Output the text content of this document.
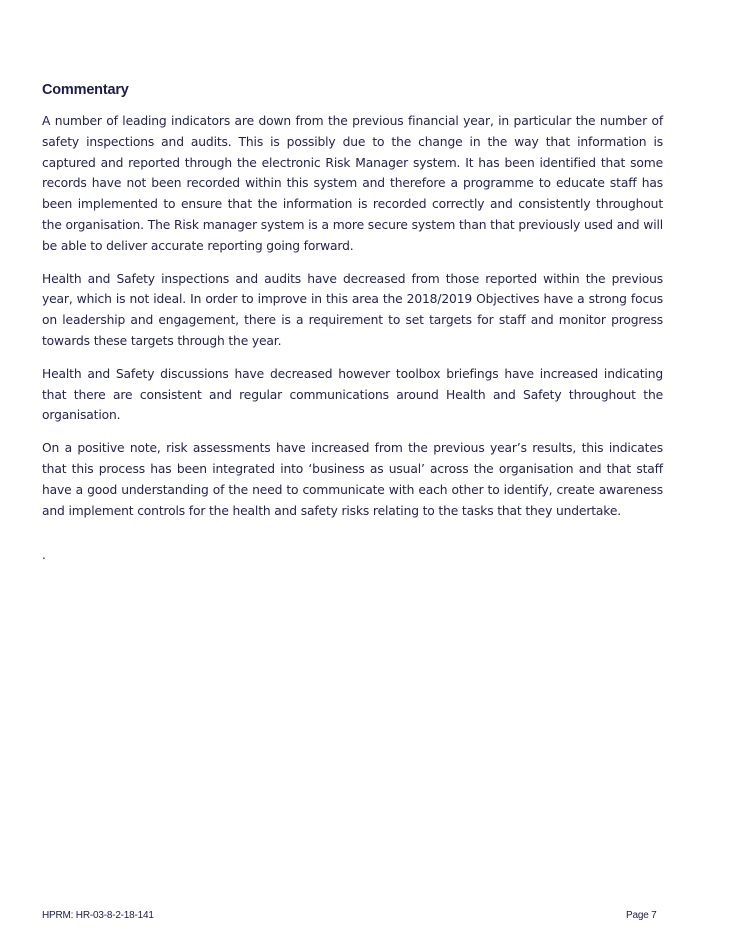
Commentary

A number of leading indicators are down from the previous financial year, in particular the number of safety inspections and audits. This is possibly due to the change in the way that information is captured and reported through the electronic Risk Manager system. It has been identified that some records have not been recorded within this system and therefore a programme to educate staff has been implemented to ensure that the information is recorded correctly and consistently throughout the organisation. The Risk manager system is a more secure system than that previously used and will be able to deliver accurate reporting going forward.

Health and Safety inspections and audits have decreased from those reported within the previous year, which is not ideal. In order to improve in this area the 2018/2019 Objectives have a strong focus on leadership and engagement, there is a requirement to set targets for staff and monitor progress towards these targets through the year.

Health and Safety discussions have decreased however toolbox briefings have increased indicating that there are consistent and regular communications around Health and Safety throughout the organisation.

On a positive note, risk assessments have increased from the previous year’s results, this indicates that this process has been integrated into ‘business as usual’ across the organisation and that staff have a good understanding of the need to communicate with each other to identify, create awareness and implement controls for the health and safety risks relating to the tasks that they undertake.

.
HPRM: HR-03-8-2-18-141	Page 7
